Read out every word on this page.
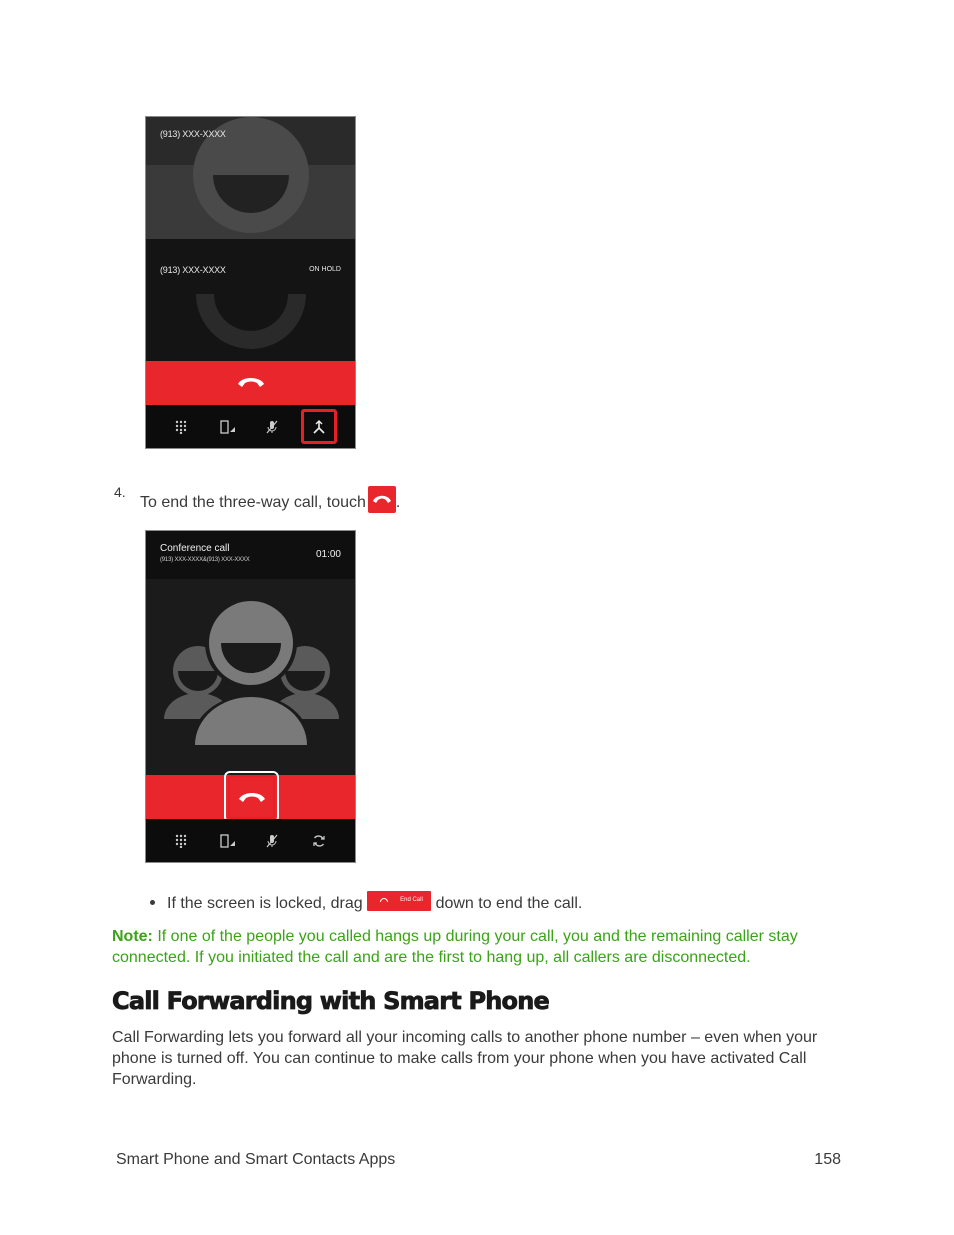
(913) XXX-XXXX
(913) XXX-XXXX	ON HOLD
4.
To end the three-way call, touch .
Conference call
(913) XXX-XXXX&(913) XXX-XXXX	01:00
If the screen is locked, drag	End Call down to end the call.
Note: If one of the people you called hangs up during your call, you and the remaining caller stay connected. If you initiated the call and are the first to hang up, all callers are disconnected.
Call Forwarding with Smart Phone
Call Forwarding lets you forward all your incoming calls to another phone number – even when your phone is turned off. You can continue to make calls from your phone when you have activated Call Forwarding.
Smart Phone and Smart Contacts Apps	158
